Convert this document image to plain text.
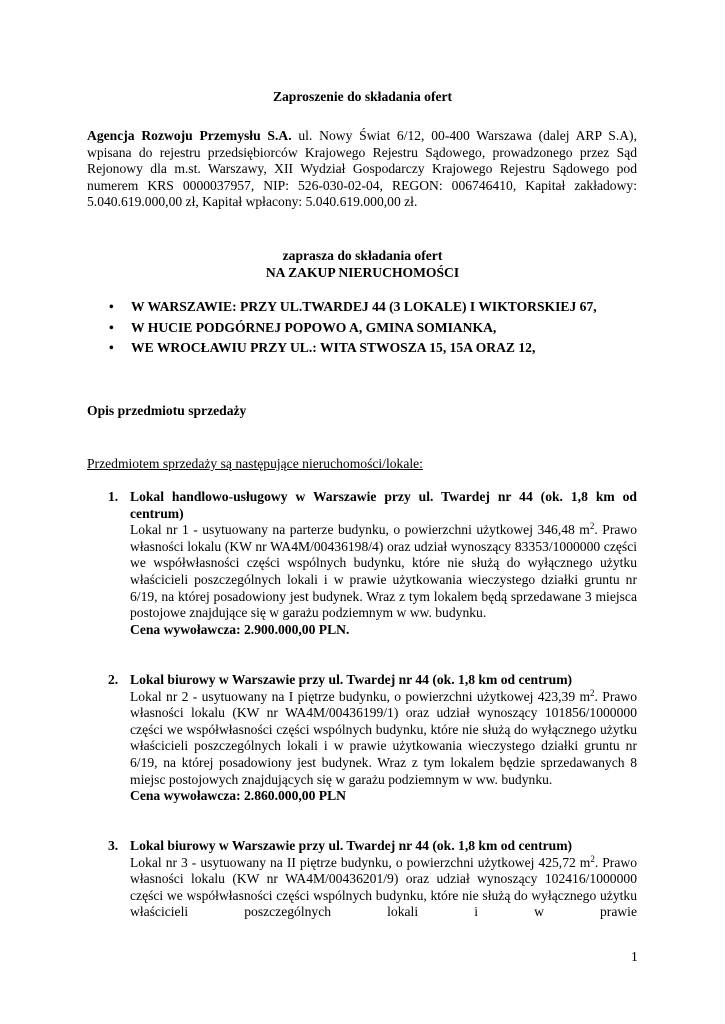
Zaproszenie do składania ofert
Agencja Rozwoju Przemysłu S.A. ul. Nowy Świat 6/12, 00-400 Warszawa (dalej ARP S.A), wpisana do rejestru przedsiębiorców Krajowego Rejestru Sądowego, prowadzonego przez Sąd Rejonowy dla m.st. Warszawy, XII Wydział Gospodarczy Krajowego Rejestru Sądowego pod numerem KRS 0000037957, NIP: 526-030-02-04, REGON: 006746410, Kapitał zakładowy: 5.040.619.000,00 zł, Kapitał wpłacony: 5.040.619.000,00 zł.
zaprasza do składania ofert
NA ZAKUP NIERUCHOMOŚCI
• W WARSZAWIE: PRZY UL.TWARDEJ 44 (3 LOKALE) I WIKTORSKIEJ 67,
• W HUCIE PODGÓRNEJ POPOWO A, GMINA SOMIANKA,
• WE WROCŁAWIU PRZY UL.: WITA STWOSZA 15, 15A ORAZ 12,
Opis przedmiotu sprzedaży
Przedmiotem sprzedaży są następujące nieruchomości/lokale:
1. Lokal handlowo-usługowy w Warszawie przy ul. Twardej nr 44 (ok. 1,8 km od centrum)
Lokal nr 1 - usytuowany na parterze budynku, o powierzchni użytkowej 346,48 $m^2$. Prawo własności lokalu (KW nr WA4M/00436198/4) oraz udział wynoszący 83353/1000000 części we współwłasności części wspólnych budynku, które nie służą do wyłącznego użytku właścicieli poszczególnych lokali i w prawie użytkowania wieczystego działki gruntu nr 6/19, na której posadowiony jest budynek. Wraz z tym lokalem będą sprzedawane 3 miejsca postojowe znajdujące się w garażu podziemnym w ww. budynku.
Cena wywoławcza: 2.900.000,00 PLN.
2. Lokal biurowy w Warszawie przy ul. Twardej nr 44 (ok. 1,8 km od centrum)
Lokal nr 2 - usytuowany na I piętrze budynku, o powierzchni użytkowej 423,39 $m^2$. Prawo własności lokalu (KW nr WA4M/00436199/1) oraz udział wynoszący 101856/1000000 części we współwłasności części wspólnych budynku, które nie służą do wyłącznego użytku właścicieli poszczególnych lokali i w prawie użytkowania wieczystego działki gruntu nr 6/19, na której posadowiony jest budynek. Wraz z tym lokalem będzie sprzedawanych 8 miejsc postojowych znajdujących się w garażu podziemnym w ww. budynku.
Cena wywoławcza: 2.860.000,00 PLN
3. Lokal biurowy w Warszawie przy ul. Twardej nr 44 (ok. 1,8 km od centrum)
Lokal nr 3 - usytuowany na II piętrze budynku, o powierzchni użytkowej 425,72 $m^2$. Prawo własności lokalu (KW nr WA4M/00436201/9) oraz udział wynoszący 102416/1000000 części we współwłasności części wspólnych budynku, które nie służą do wyłącznego użytku właścicieli poszczególnych lokali i w prawie
1
